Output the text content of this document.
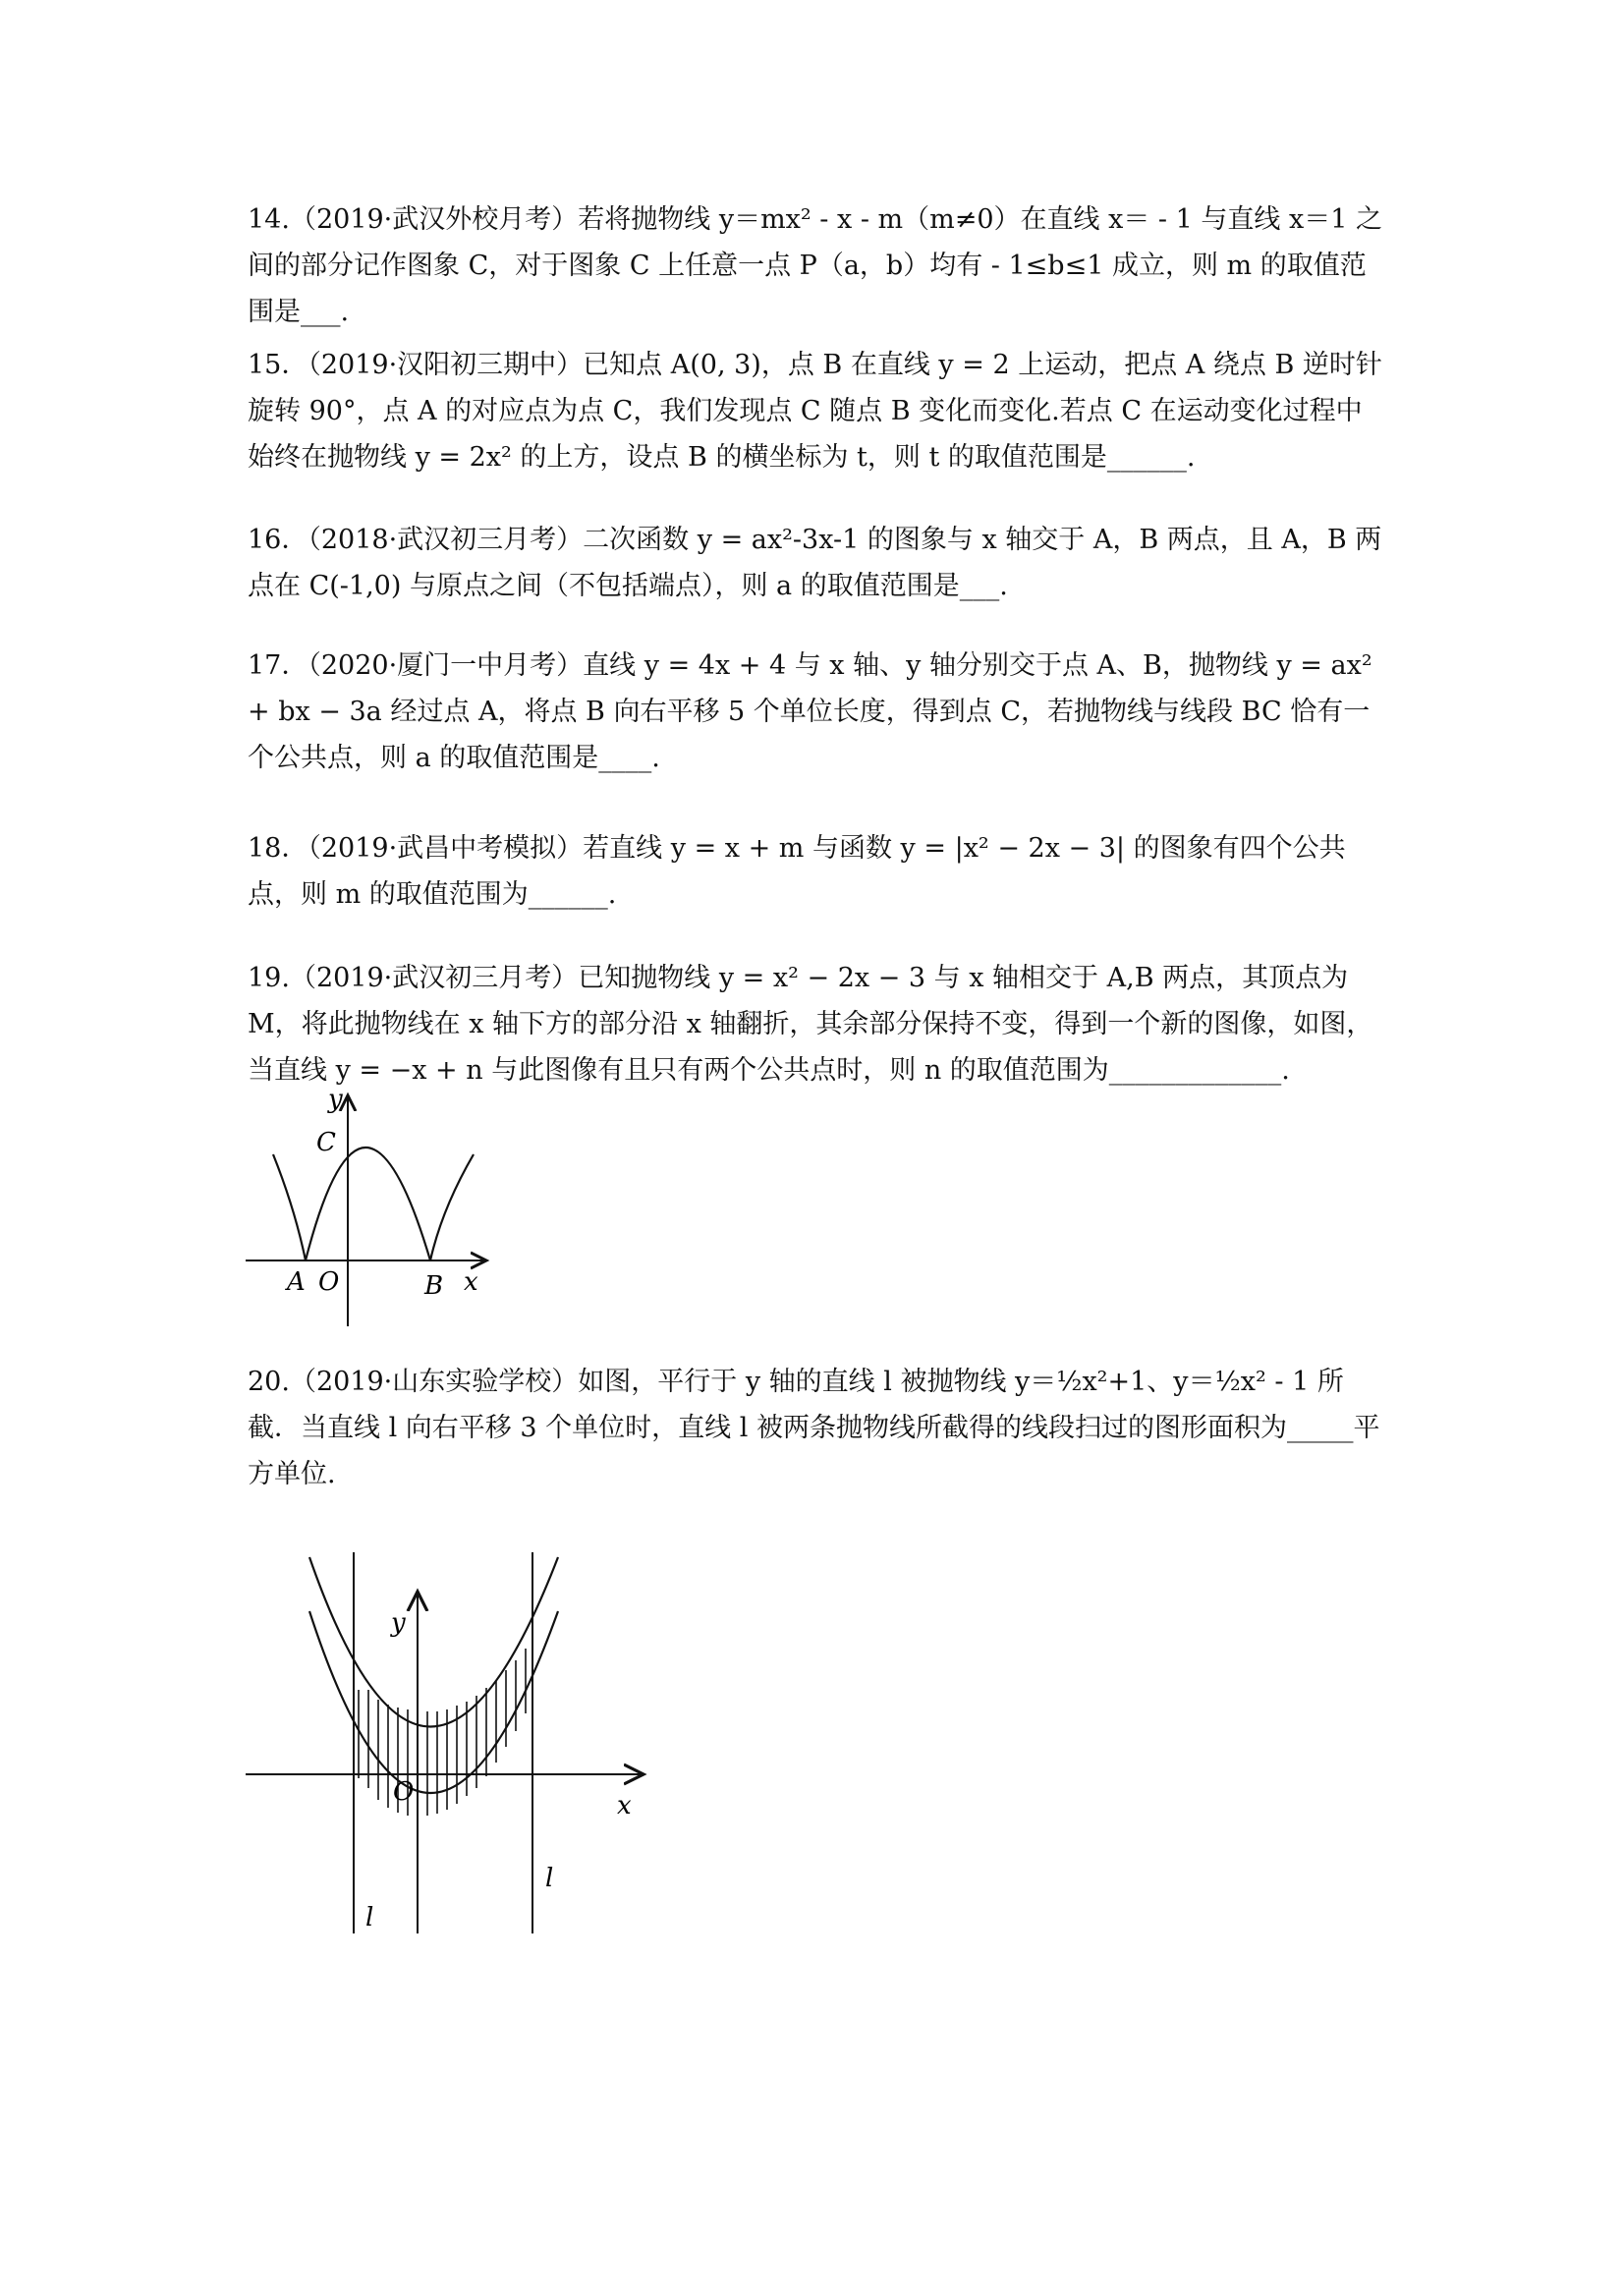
14.（2019·武汉外校月考）若将抛物线 y＝mx² - x - m（m≠0）在直线 x＝ - 1 与直线 x＝1 之间的部分记作图象 C，对于图象 C 上任意一点 P（a，b）均有 - 1≤b≤1 成立，则 m 的取值范围是___.
15．（2019·汉阳初三期中）已知点 A(0, 3)，点 B 在直线 y = 2 上运动，把点 A 绕点 B 逆时针旋转 90°，点 A 的对应点为点 C，我们发现点 C 随点 B 变化而变化.若点 C 在运动变化过程中始终在抛物线 y = 2x² 的上方，设点 B 的横坐标为 t，则 t 的取值范围是______.
16．（2018·武汉初三月考）二次函数 y = ax²-3x-1 的图象与 x 轴交于 A，B 两点，且 A，B 两点在 C(-1,0) 与原点之间（不包括端点），则 a 的取值范围是___.
17．（2020·厦门一中月考）直线 y = 4x + 4 与 x 轴、y 轴分别交于点 A、B，抛物线 y = ax² + bx − 3a 经过点 A，将点 B 向右平移 5 个单位长度，得到点 C，若抛物线与线段 BC 恰有一个公共点，则 a 的取值范围是____.
18．（2019·武昌中考模拟）若直线 y = x + m 与函数 y = |x² − 2x − 3| 的图象有四个公共点，则 m 的取值范围为______.
19.（2019·武汉初三月考）已知抛物线 y = x² − 2x − 3 与 x 轴相交于 A,B 两点，其顶点为 M，将此抛物线在 x 轴下方的部分沿 x 轴翻折，其余部分保持不变，得到一个新的图像，如图，当直线 y = −x + n 与此图像有且只有两个公共点时，则 n 的取值范围为_____________.
y
C
A O	B x
20.（2019·山东实验学校）如图，平行于 y 轴的直线 l 被抛物线 y＝½x²+1、y＝½x² - 1 所截．当直线 l 向右平移 3 个单位时，直线 l 被两条抛物线所截得的线段扫过的图形面积为_____平方单位.
y
O	x
l
l
